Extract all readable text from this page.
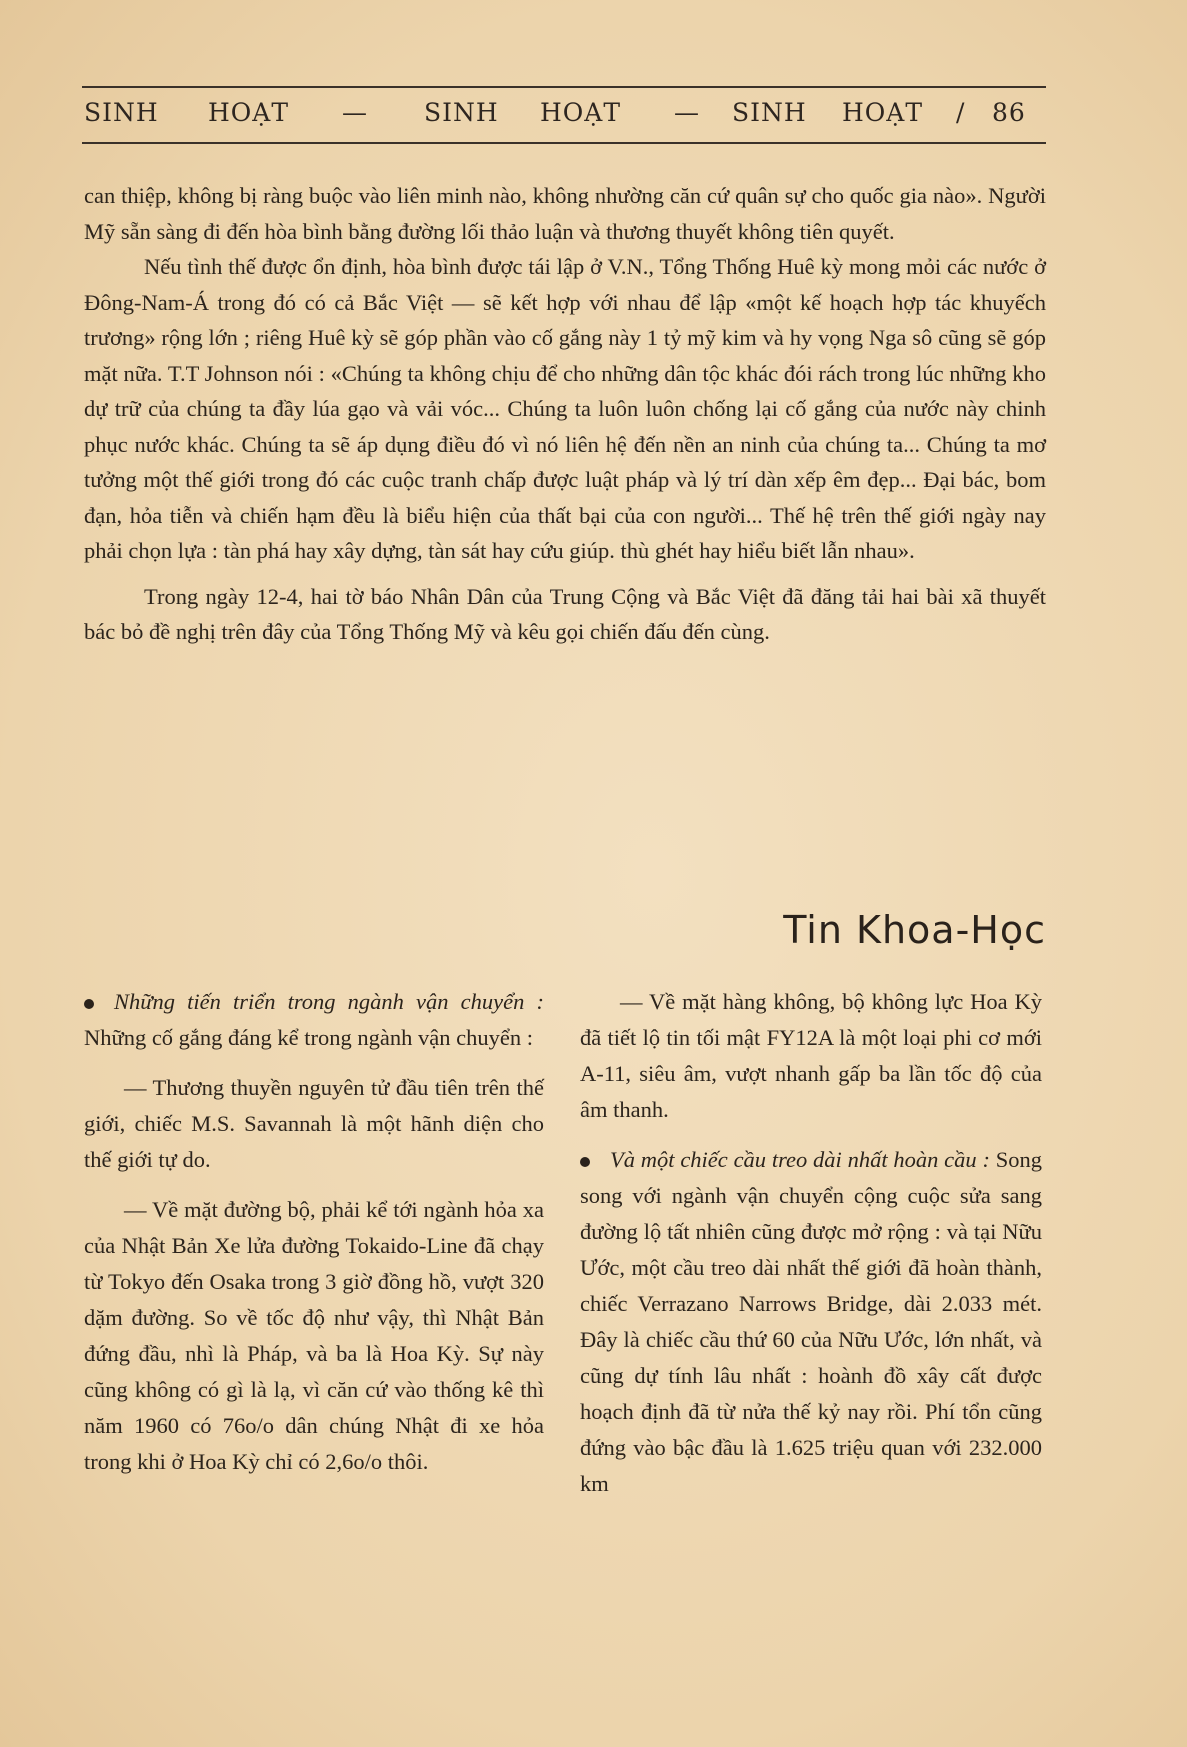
SINH HOẠT — SINH HOẠT — SINH HOẠT / 86

can thiệp, không bị ràng buộc vào liên minh nào, không nhường căn cứ quân sự cho quốc gia nào». Người Mỹ sẵn sàng đi đến hòa bình bằng đường lối thảo luận và thương thuyết không tiên quyết.

Nếu tình thế được ổn định, hòa bình được tái lập ở V.N., Tổng Thống Huê kỳ mong mỏi các nước ở Đông-Nam-Á trong đó có cả Bắc Việt — sẽ kết hợp với nhau để lập «một kế hoạch hợp tác khuyếch trương» rộng lớn ; riêng Huê kỳ sẽ góp phần vào cố gắng này 1 tỷ mỹ kim và hy vọng Nga sô cũng sẽ góp mặt nữa. T.T Johnson nói : «Chúng ta không chịu để cho những dân tộc khác đói rách trong lúc những kho dự trữ của chúng ta đầy lúa gạo và vải vóc... Chúng ta luôn luôn chống lại cố gắng của nước này chinh phục nước khác. Chúng ta sẽ áp dụng điều đó vì nó liên hệ đến nền an ninh của chúng ta... Chúng ta mơ tưởng một thế giới trong đó các cuộc tranh chấp được luật pháp và lý trí dàn xếp êm đẹp... Đại bác, bom đạn, hỏa tiễn và chiến hạm đều là biểu hiện của thất bại của con người... Thế hệ trên thế giới ngày nay phải chọn lựa : tàn phá hay xây dựng, tàn sát hay cứu giúp. thù ghét hay hiểu biết lẫn nhau».

Trong ngày 12-4, hai tờ báo Nhân Dân của Trung Cộng và Bắc Việt đã đăng tải hai bài xã thuyết bác bỏ đề nghị trên đây của Tổng Thống Mỹ và kêu gọi chiến đấu đến cùng.

Tin Khoa-Học

Những tiến triển trong ngành vận chuyển : Những cố gắng đáng kể trong ngành vận chuyển :

— Thương thuyền nguyên tử đầu tiên trên thế giới, chiếc M.S. Savannah là một hãnh diện cho thế giới tự do.

— Về mặt đường bộ, phải kể tới ngành hỏa xa của Nhật Bản Xe lửa đường Tokaido-Line đã chạy từ Tokyo đến Osaka trong 3 giờ đồng hồ, vượt 320 dặm đường. So về tốc độ như vậy, thì Nhật Bản đứng đầu, nhì là Pháp, và ba là Hoa Kỳ. Sự này cũng không có gì là lạ, vì căn cứ vào thống kê thì năm 1960 có 76o/o dân chúng Nhật đi xe hỏa trong khi ở Hoa Kỳ chỉ có 2,6o/o thôi.

— Về mặt hàng không, bộ không lực Hoa Kỳ đã tiết lộ tin tối mật FY12A là một loại phi cơ mới A-11, siêu âm, vượt nhanh gấp ba lần tốc độ của âm thanh.

Và một chiếc cầu treo dài nhất hoàn cầu : Song song với ngành vận chuyển cộng cuộc sửa sang đường lộ tất nhiên cũng được mở rộng : và tại Nữu Ước, một cầu treo dài nhất thế giới đã hoàn thành, chiếc Verrazano Narrows Bridge, dài 2.033 mét. Đây là chiếc cầu thứ 60 của Nữu Ước, lớn nhất, và cũng dự tính lâu nhất : hoành đồ xây cất được hoạch định đã từ nửa thế kỷ nay rồi. Phí tổn cũng đứng vào bậc đầu là 1.625 triệu quan với 232.000 km
